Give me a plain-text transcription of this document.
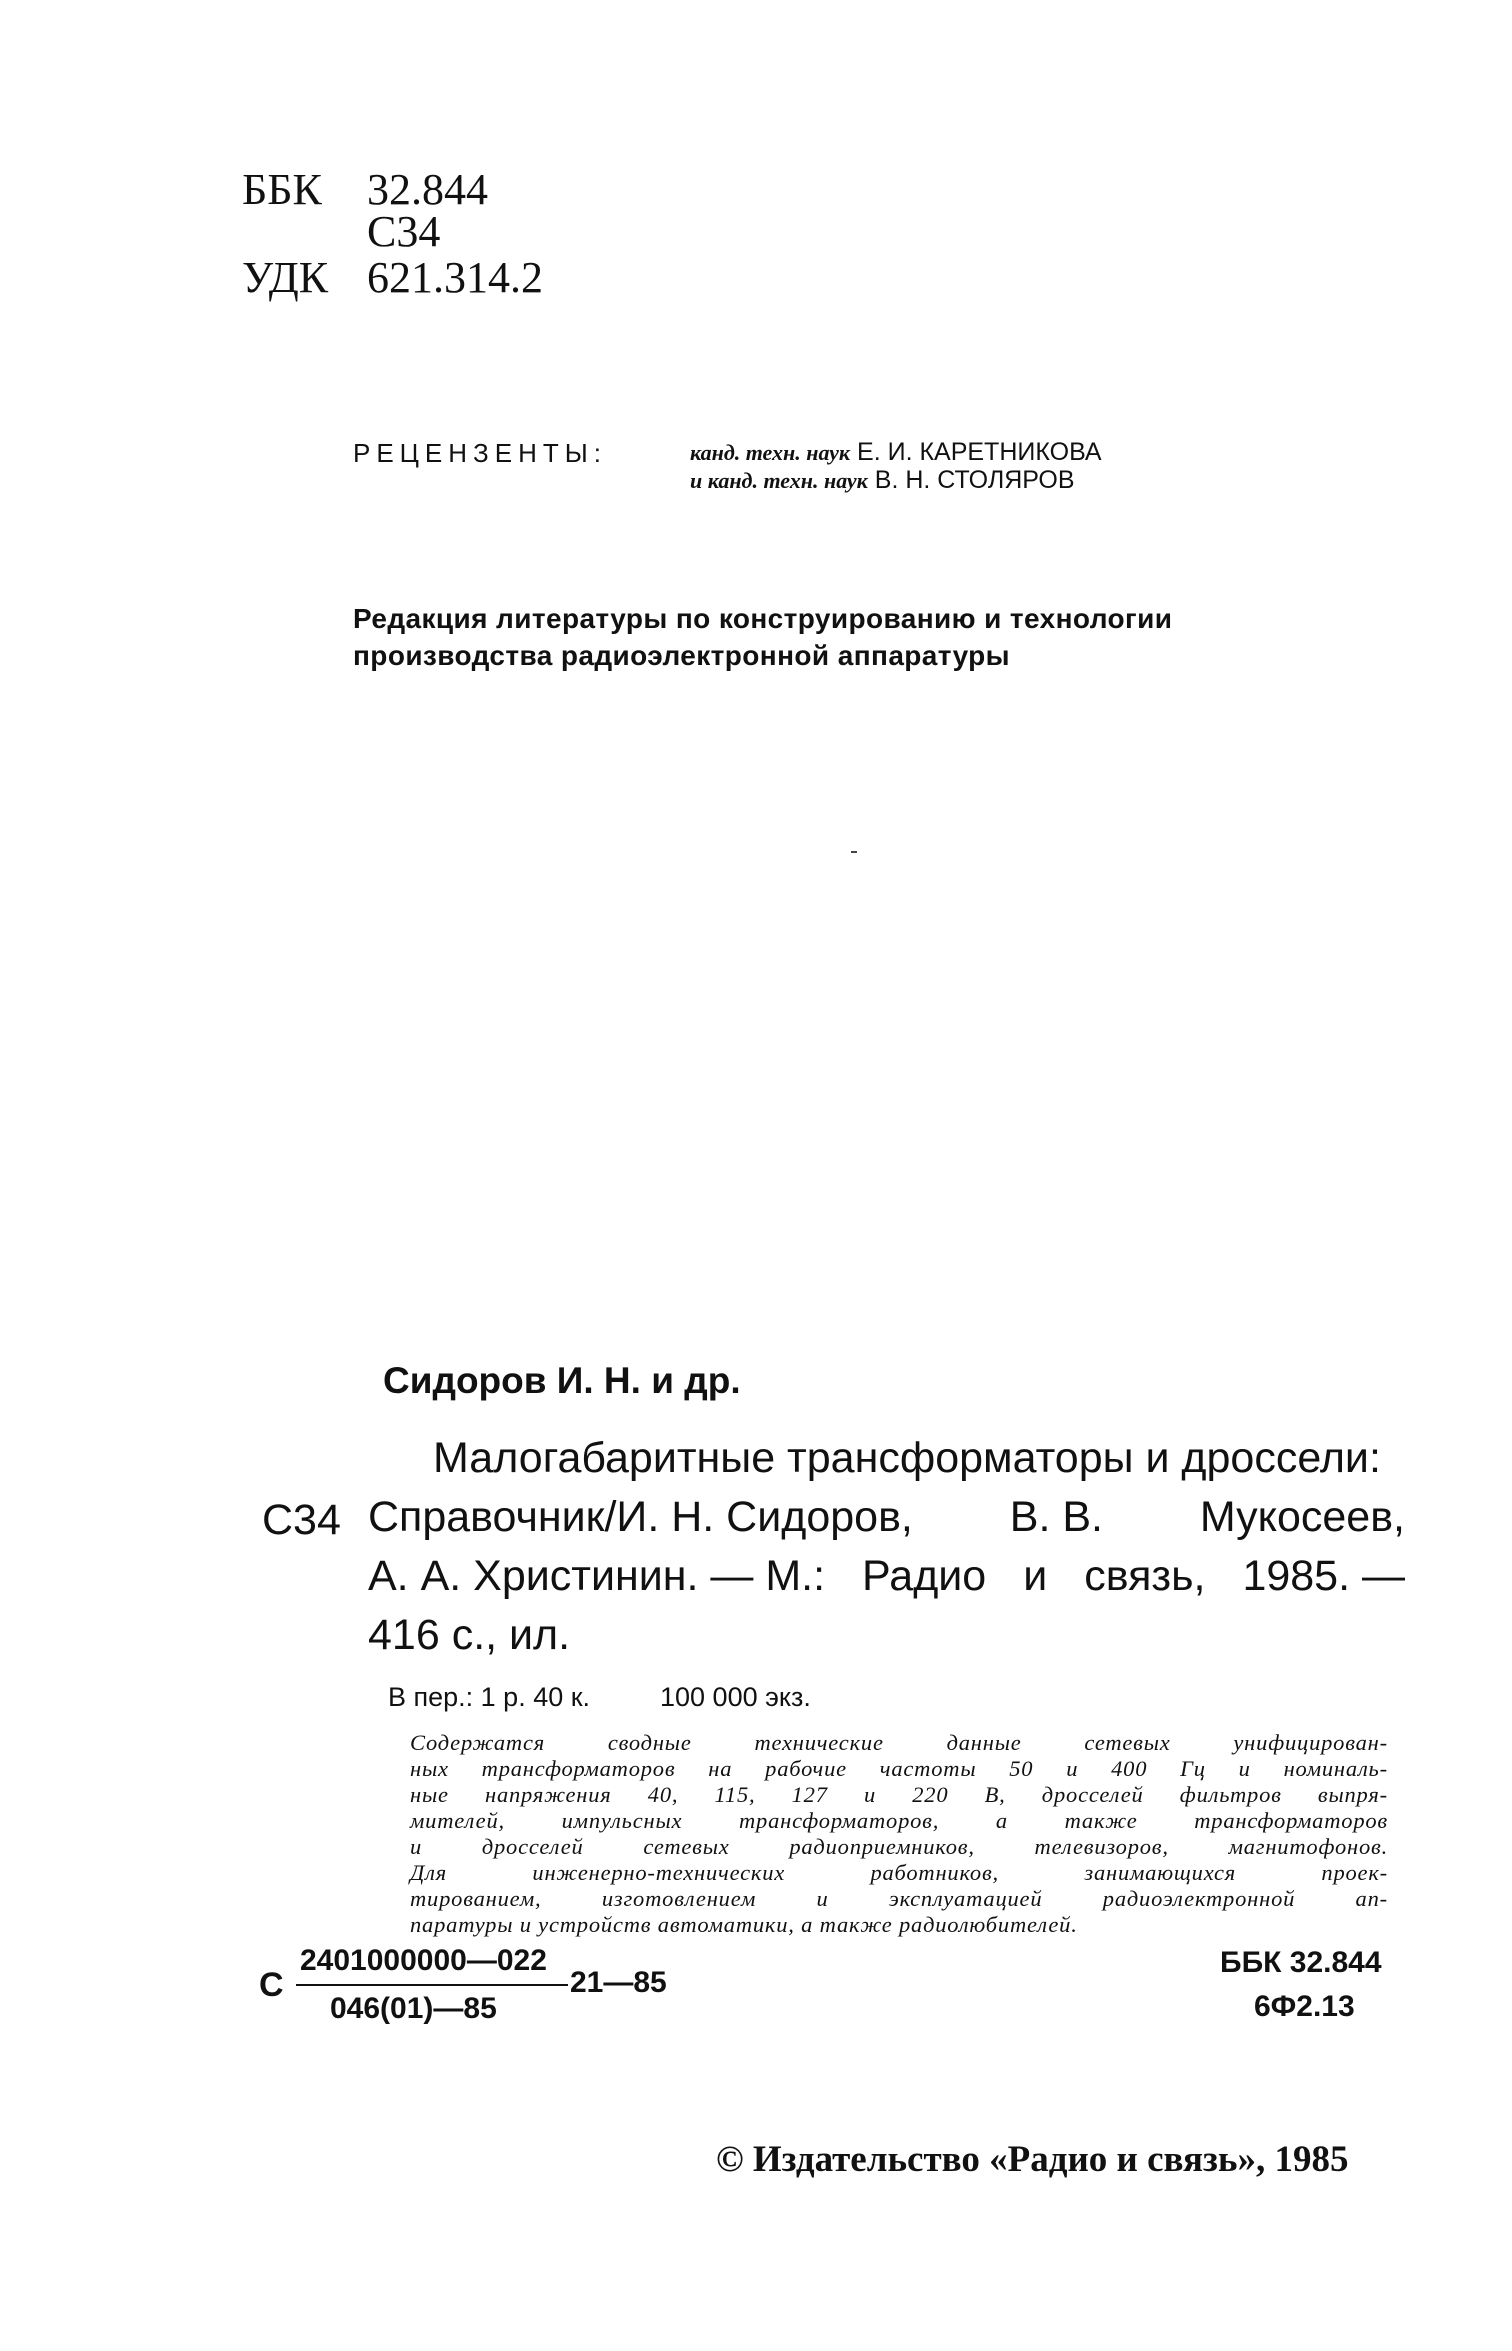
ББК 32.844
С34
УДК 621.314.2
РЕЦЕНЗЕНТЫ:	канд. техн. наук Е. И. КАРЕТНИКОВА
и канд. техн. наук В. Н. СТОЛЯРОВ
Редакция литературы по конструированию и технологии
производства радиоэлектронной аппаратуры
Сидоров И. Н. и др.
С34
Малогабаритные трансформаторы и дроссели:
Справочник/И. Н. Сидоров, В. В. Мукосеев,
А. А. Христинин. — М.: Радио и связь, 1985. —
416 с., ил.
В пер.: 1 р. 40 к.	100 000 экз.
Содержатся	сводные	технические	данные	сетевых	унифицирован-
ных трансформаторов на рабочие частоты 50 и 400 Гц и номиналь-
ные напряжения 40, 115, 127 и 220 В, дросселей фильтров выпря-
мителей,	импульсных	трансформаторов,	а	также	трансформаторов
и	дросселей	сетевых	радиоприемников,	телевизоров,	магнитофонов.
Для	инженерно-технических	работников,	занимающихся	проек-
тированием,	изготовлением	и	эксплуатацией	радиоэлектронной	ап-
паратуры и устройств автоматики, а также радиолюбителей.
С
2401000000—022
046(01)—85
21—85
ББК 32.844
6Ф2.13
© Издательство «Радио и связь», 1985
